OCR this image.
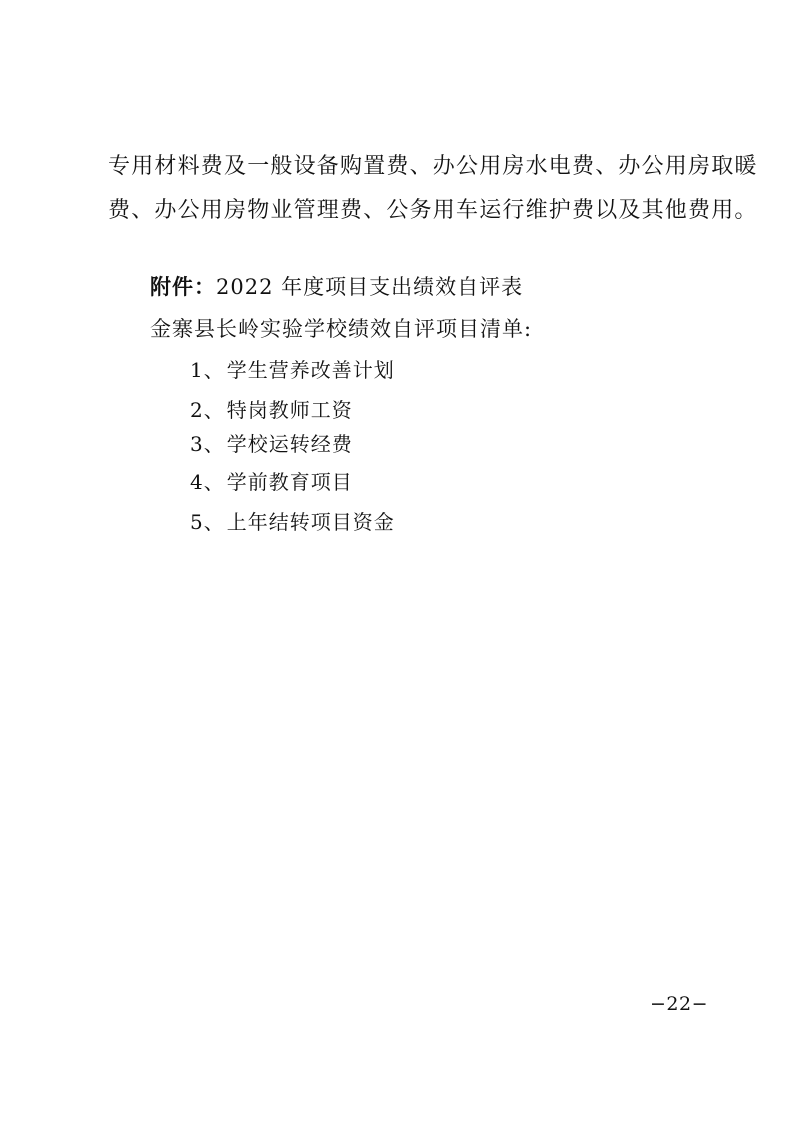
专用材料费及一般设备购置费、办公用房水电费、办公用房取暖
费、办公用房物业管理费、公务用车运行维护费以及其他费用。
附件：2022 年度项目支出绩效自评表
金寨县长岭实验学校绩效自评项目清单:
1、 学生营养改善计划
2、 特岗教师工资
3、 学校运转经费
4、 学前教育项目
5、 上年结转项目资金
−22−
